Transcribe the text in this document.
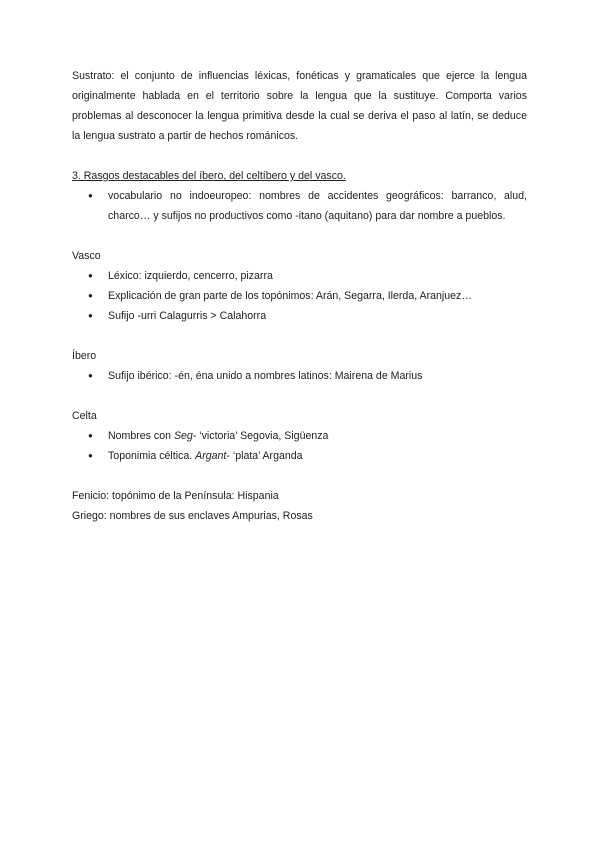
Sustrato: el conjunto de influencias léxicas, fonéticas y gramaticales que ejerce la lengua originalmente hablada en el territorio sobre la lengua que la sustituye. Comporta varios problemas al desconocer la lengua primitiva desde la cual se deriva el paso al latín, se deduce la lengua sustrato a partir de hechos románicos.

3. Rasgos destacables del íbero, del celtíbero y del vasco.

● vocabulario no indoeuropeo: nombres de accidentes geográficos: barranco, alud, charco… y sufijos no productivos como -itano (aquitano) para dar nombre a pueblos.

Vasco

● Léxico: izquierdo, cencerro, pizarra
● Explicación de gran parte de los topónimos: Arán, Segarra, Ilerda, Aranjuez…
● Sufijo -urri Calagurris > Calahorra

Íbero

● Sufijo ibérico: -én, éna unido a nombres latinos: Mairena de Marius

Celta

● Nombres con Seg- ‘victoria’ Segovia, Sigüenza
● Toponimia céltica. Argant- ‘plata’ Arganda

Fenicio: topónimo de la Península: Hispania

Griego: nombres de sus enclaves Ampurias, Rosas
